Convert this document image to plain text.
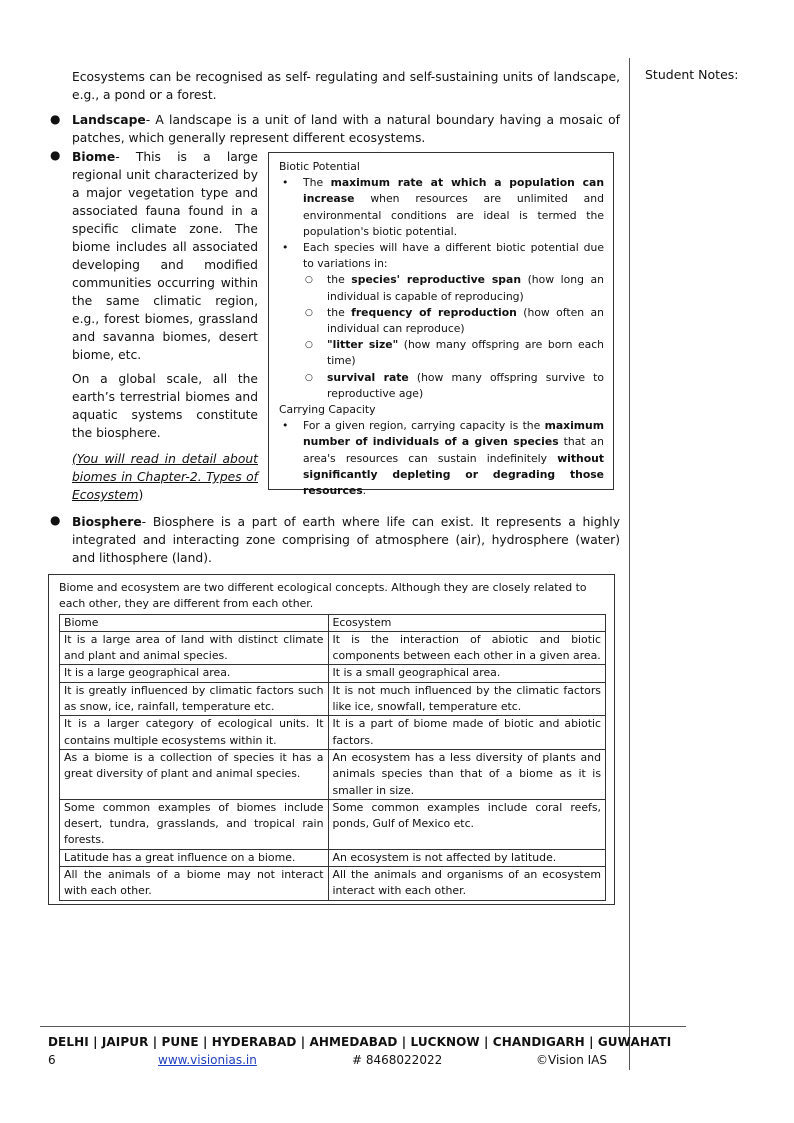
Student Notes:
Ecosystems can be recognised as self- regulating and self-sustaining units of landscape, e.g., a pond or a forest.
● Landscape- A landscape is a unit of land with a natural boundary having a mosaic of patches, which generally represent different ecosystems.
● Biome- This is a large regional unit characterized by a major vegetation type and associated fauna found in a specific climate zone. The biome includes all associated developing and modified communities occurring within the same climatic region, e.g., forest biomes, grassland and savanna biomes, desert biome, etc.
On a global scale, all the earth’s terrestrial biomes and aquatic systems constitute the biosphere.
(You will read in detail about biomes in Chapter-2. Types of Ecosystem)
Biotic Potential
• The maximum rate at which a population can increase when resources are unlimited and environmental conditions are ideal is termed the population's biotic potential.
• Each species will have a different biotic potential due to variations in:
○ the species' reproductive span (how long an individual is capable of reproducing)
○ the frequency of reproduction (how often an individual can reproduce)
○ "litter size" (how many offspring are born each time)
○ survival rate (how many offspring survive to reproductive age)
Carrying Capacity
• For a given region, carrying capacity is the maximum number of individuals of a given species that an area's resources can sustain indefinitely without significantly depleting or degrading those resources.
● Biosphere- Biosphere is a part of earth where life can exist. It represents a highly integrated and interacting zone comprising of atmosphere (air), hydrosphere (water) and lithosphere (land).
Biome and ecosystem are two different ecological concepts. Although they are closely related to each other, they are different from each other.
Biome	Ecosystem
It is a large area of land with distinct climate and plant and animal species.	It is the interaction of abiotic and biotic components between each other in a given area.
It is a large geographical area.	It is a small geographical area.
It is greatly influenced by climatic factors such as snow, ice, rainfall, temperature etc.	It is not much influenced by the climatic factors like ice, snowfall, temperature etc.
It is a larger category of ecological units. It contains multiple ecosystems within it.	It is a part of biome made of biotic and abiotic factors.
As a biome is a collection of species it has a great diversity of plant and animal species.	An ecosystem has a less diversity of plants and animals species than that of a biome as it is smaller in size.
Some common examples of biomes include desert, tundra, grasslands, and tropical rain forests.	Some common examples include coral reefs, ponds, Gulf of Mexico etc.
Latitude has a great influence on a biome.	An ecosystem is not affected by latitude.
All the animals of a biome may not interact with each other.	All the animals and organisms of an ecosystem interact with each other.
DELHI | JAIPUR | PUNE | HYDERABAD | AHMEDABAD | LUCKNOW | CHANDIGARH | GUWAHATI
6	www.visionias.in	# 8468022022	©Vision IAS
